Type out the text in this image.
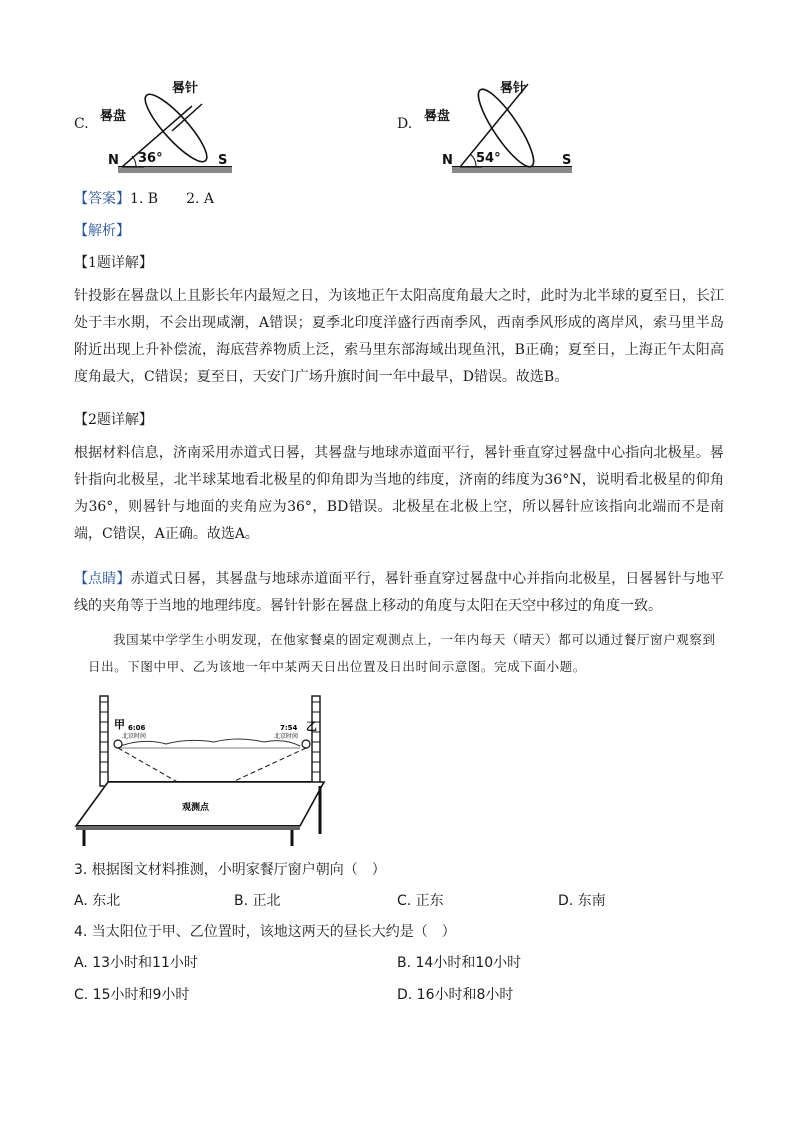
C.
晷针
晷盘
N	S
36°
D.
晷针
晷盘
N	S
54°
【答案】1. B　　2. A
【解析】
【1题详解】
针投影在晷盘以上且影长年内最短之日，为该地正午太阳高度角最大之时，此时为北半球的夏至日，长江处于丰水期，不会出现咸潮，A错误；夏季北印度洋盛行西南季风，西南季风形成的离岸风，索马里半岛附近出现上升补偿流，海底营养物质上泛，索马里东部海域出现鱼汛，B正确；夏至日，上海正午太阳高度角最大，C错误；夏至日，天安门广场升旗时间一年中最早，D错误。故选B。
【2题详解】
根据材料信息，济南采用赤道式日晷，其晷盘与地球赤道面平行，晷针垂直穿过晷盘中心指向北极星。晷针指向北极星，北半球某地看北极星的仰角即为当地的纬度，济南的纬度为36°N，说明看北极星的仰角为36°，则晷针与地面的夹角应为36°，BD错误。北极星在北极上空，所以晷针应该指向北端而不是南端，C错误，A正确。故选A。
【点睛】赤道式日晷，其晷盘与地球赤道面平行，晷针垂直穿过晷盘中心并指向北极星，日晷晷针与地平线的夹角等于当地的地理纬度。晷针针影在晷盘上移动的角度与太阳在天空中移过的角度一致。
我国某中学学生小明发现，在他家餐桌的固定观测点上，一年内每天（晴天）都可以通过餐厅窗户观察到日出。下图中甲、乙为该地一年中某两天日出位置及日出时间示意图。完成下面小题。
甲 6:06
北京时间
乙
7:54
北京时间
观测点
3. 根据图文材料推测，小明家餐厅窗户朝向（　）
A. 东北	B. 正北	C. 正东	D. 东南
4. 当太阳位于甲、乙位置时，该地这两天的昼长大约是（　）
A. 13小时和11小时	B. 14小时和10小时
C. 15小时和9小时	D. 16小时和8小时
